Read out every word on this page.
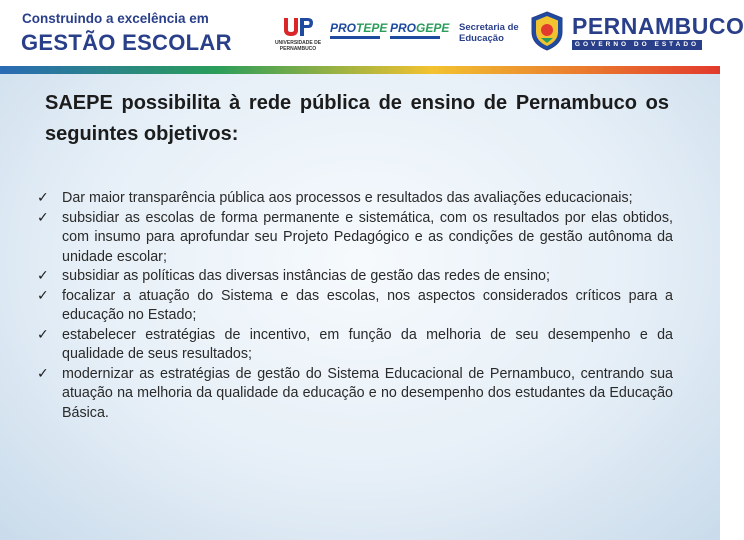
Construindo a excelência em
GESTÃO ESCOLAR	UNIVERSIDADE DE PERNAMBUCO
PROTEPE PROGEPE Secretaria de
Educação	PERNAMBUCO
GOVERNO DO ESTADO
SAEPE possibilita à rede pública de ensino de Pernambuco os seguintes objetivos:
✓ Dar maior transparência pública aos processos e resultados das avaliações educacionais;
✓ subsidiar as escolas de forma permanente e sistemática, com os resultados por elas obtidos, com insumo para aprofundar seu Projeto Pedagógico e as condições de gestão autônoma da unidade escolar;
✓ subsidiar as políticas das diversas instâncias de gestão das redes de ensino;
✓ focalizar a atuação do Sistema e das escolas, nos aspectos considerados críticos para a educação no Estado;
✓ estabelecer estratégias de incentivo, em função da melhoria de seu desempenho e da qualidade de seus resultados;
✓ modernizar as estratégias de gestão do Sistema Educacional de Pernambuco, centrando sua atuação na melhoria da qualidade da educação e no desempenho dos estudantes da Educação Básica.
